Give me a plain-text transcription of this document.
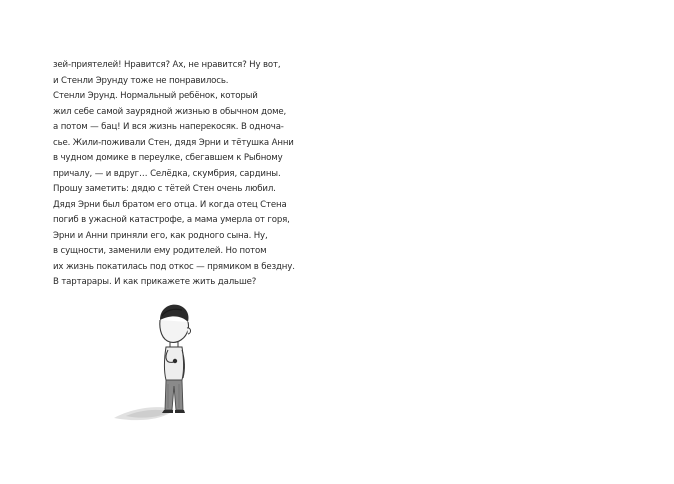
зей-приятелей! Нравится? Ах, не нравится? Ну вот,
и Стенли Эрунду тоже не понравилось.
Стенли Эрунд. Нормальный ребёнок, который
жил себе самой заурядной жизнью в обычном доме,
а потом — бац! И вся жизнь наперекосяк. В одноча-
сье. Жили-поживали Стен, дядя Эрни и тётушка Анни
в чудном домике в переулке, сбегавшем к Рыбному
причалу, — и вдруг… Селёдка, скумбрия, сардины.
Прошу заметить: дядю с тётей Стен очень любил.
Дядя Эрни был братом его отца. И когда отец Стена
погиб в ужасной катастрофе, а мама умерла от горя,
Эрни и Анни приняли его, как родного сына. Ну,
в сущности, заменили ему родителей. Но потом
их жизнь покатилась под откос — прямиком в бездну.
В тартарары. И как прикажете жить дальше?
